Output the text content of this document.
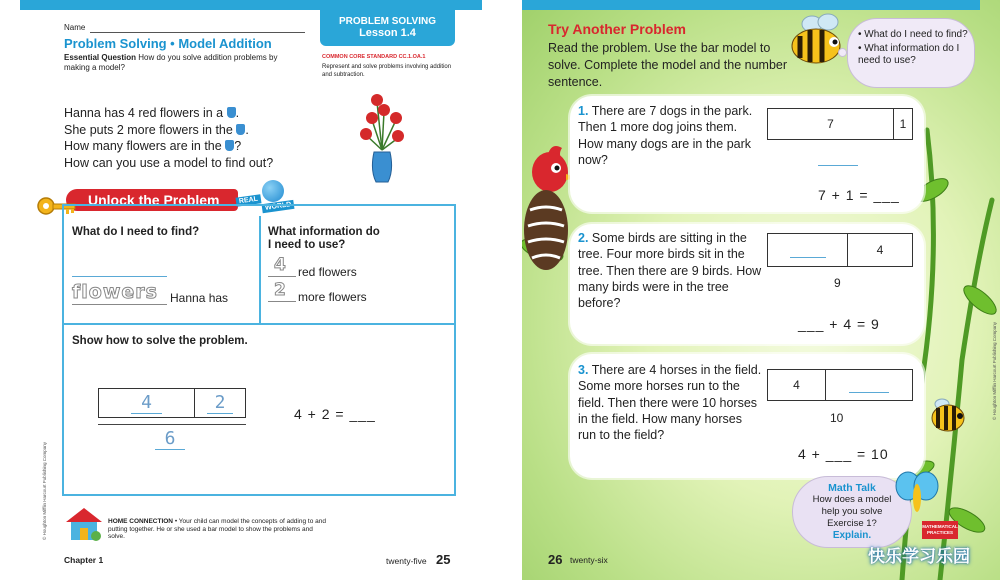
PROBLEM SOLVING
Lesson 1.4
Name
Problem Solving • Model Addition
Essential Question How do you solve addition problems by making a model?
COMMON CORE STANDARD CC.1.OA.1
Represent and solve problems involving addition and subtraction.
Hanna has 4 red flowers in a .
She puts 2 more flowers in the .
How many flowers are in the ?
How can you use a model to find out?
Unlock the Problem	REAL
WORLD
What do I need to find?
flowers Hanna has
What information do
I need to use?
4 red flowers
2 more flowers
Show how to solve the problem.
4	2
6
4 + 2 = ___
HOME CONNECTION • Your child can model the concepts of adding to and putting together. He or she used a bar model to show the problems and solve.
© Houghton Mifflin Harcourt Publishing Company
Chapter 1	twenty-five 25
Try Another Problem
Read the problem. Use the bar model to solve. Complete the model and the number sentence.
• What do I need to find?
• What information do I need to use?
1. There are 7 dogs in the park. Then 1 more dog joins them. How many dogs are in the park now?
7	1
7 + 1 = ___
2. Some birds are sitting in the tree. Four more birds sit in the tree. Then there are 9 birds. How many birds were in the tree before?
4
9
___ + 4 = 9
3. There are 4 horses in the field. Some more horses run to the field. Then there were 10 horses in the field. How many horses run to the field?
4
10
4 + ___ = 10
Math Talk
How does a model help you solve Exercise 1?
Explain.
MATHEMATICAL PRACTICES
© Houghton Mifflin Harcourt Publishing Company
26 twenty-six	快乐学习乐园
